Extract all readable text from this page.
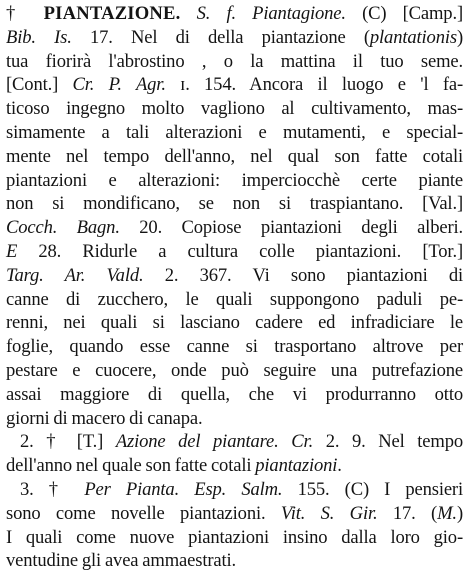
† PIANTAZIONE. S. f. Piantagione. (C) [Camp.]
Bib. Is. 17. Nel di della piantazione (plantationis)
tua fiorirà l'abrostino , o la mattina il tuo seme.
[Cont.] Cr. P. Agr. ɪ. 154. Ancora il luogo e 'l fa-
ticoso ingegno molto vagliono al cultivamento, mas-
simamente a tali alterazioni e mutamenti, e special-
mente nel tempo dell'anno, nel qual son fatte cotali
piantazioni e alterazioni: imperciocchè certe piante
non si mondificano, se non si traspiantano. [Val.]
Cocch. Bagn. 20. Copiose piantazioni degli alberi.
E 28. Ridurle a cultura colle piantazioni. [Tor.]
Targ. Ar. Vald. 2. 367. Vi sono piantazioni di
canne di zucchero, le quali suppongono paduli pe-
renni, nei quali si lasciano cadere ed infradiciare le
foglie, quando esse canne si trasportano altrove per
pestare e cuocere, onde può seguire una putrefazione
assai maggiore di quella, che vi produrranno otto
giorni di macero di canapa.
2. † [T.] Azione del piantare. Cr. 2. 9. Nel tempo
dell'anno nel quale son fatte cotali piantazioni.
3. † Per Pianta. Esp. Salm. 155. (C) I pensieri
sono come novelle piantazioni. Vit. S. Gir. 17. (M.)
I quali come nuove piantazioni insino dalla loro gio-
ventudine gli avea ammaestrati.
